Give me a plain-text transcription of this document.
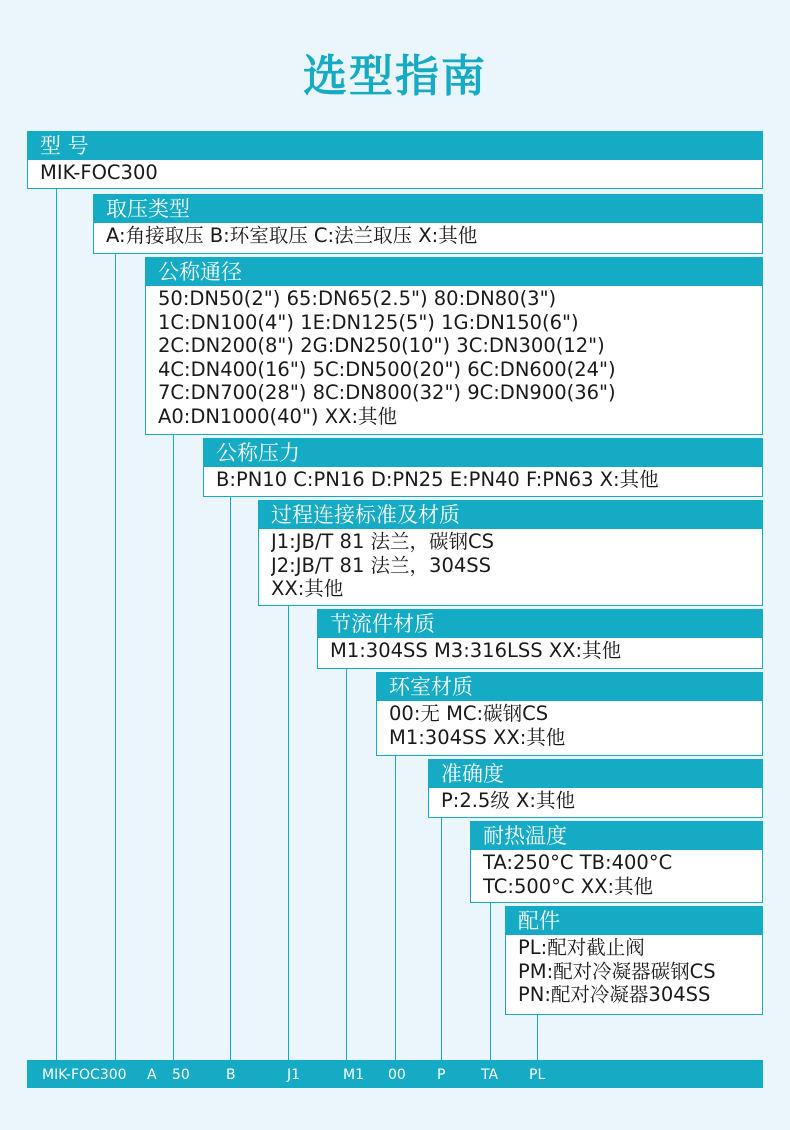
选型指南
型 号
MIK-FOC300
取压类型
A:角接取压 B:环室取压 C:法兰取压 X:其他
公称通径
50:DN50(2") 65:DN65(2.5") 80:DN80(3")
1C:DN100(4") 1E:DN125(5") 1G:DN150(6")
2C:DN200(8") 2G:DN250(10") 3C:DN300(12")
4C:DN400(16") 5C:DN500(20") 6C:DN600(24")
7C:DN700(28") 8C:DN800(32") 9C:DN900(36")
A0:DN1000(40") XX:其他
公称压力
B:PN10 C:PN16 D:PN25 E:PN40 F:PN63 X:其他
过程连接标准及材质
J1:JB/T 81 法兰，碳钢CS
J2:JB/T 81 法兰，304SS
XX:其他
节流件材质
M1:304SS M3:316LSS XX:其他
环室材质
00:无 MC:碳钢CS
M1:304SS XX:其他
准确度
P:2.5级 X:其他
耐热温度
TA:250°C TB:400°C
TC:500°C XX:其他
配件
PL:配对截止阀
PM:配对冷凝器碳钢CS
PN:配对冷凝器304SS
MIK-FOC300 A 50	B	J1	M1 00 P	TA PL
